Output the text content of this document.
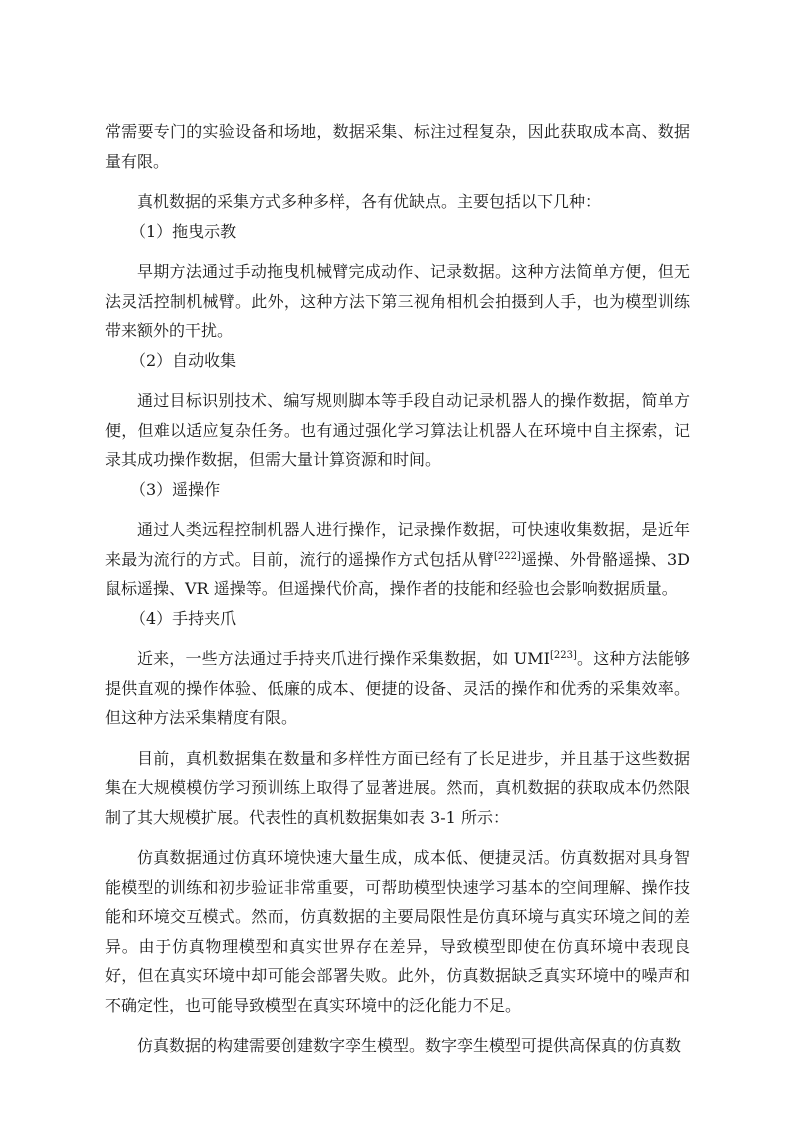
常需要专门的实验设备和场地，数据采集、标注过程复杂，因此获取成本高、数据量有限。

真机数据的采集方式多种多样，各有优缺点。主要包括以下几种：

（1）拖曳示教

早期方法通过手动拖曳机械臂完成动作、记录数据。这种方法简单方便，但无法灵活控制机械臂。此外，这种方法下第三视角相机会拍摄到人手，也为模型训练带来额外的干扰。

（2）自动收集

通过目标识别技术、编写规则脚本等手段自动记录机器人的操作数据，简单方便，但难以适应复杂任务。也有通过强化学习算法让机器人在环境中自主探索，记录其成功操作数据，但需大量计算资源和时间。

（3）遥操作

通过人类远程控制机器人进行操作，记录操作数据，可快速收集数据，是近年来最为流行的方式。目前，流行的遥操作方式包括从臂[222]遥操、外骨骼遥操、3D 鼠标遥操、VR 遥操等。但遥操代价高，操作者的技能和经验也会影响数据质量。

（4）手持夹爪

近来，一些方法通过手持夹爪进行操作采集数据，如 UMI[223]。这种方法能够提供直观的操作体验、低廉的成本、便捷的设备、灵活的操作和优秀的采集效率。但这种方法采集精度有限。

目前，真机数据集在数量和多样性方面已经有了长足进步，并且基于这些数据集在大规模模仿学习预训练上取得了显著进展。然而，真机数据的获取成本仍然限制了其大规模扩展。代表性的真机数据集如表 3-1 所示：

仿真数据通过仿真环境快速大量生成，成本低、便捷灵活。仿真数据对具身智能模型的训练和初步验证非常重要，可帮助模型快速学习基本的空间理解、操作技能和环境交互模式。然而，仿真数据的主要局限性是仿真环境与真实环境之间的差异。由于仿真物理模型和真实世界存在差异，导致模型即使在仿真环境中表现良好，但在真实环境中却可能会部署失败。此外，仿真数据缺乏真实环境中的噪声和不确定性，也可能导致模型在真实环境中的泛化能力不足。

仿真数据的构建需要创建数字孪生模型。数字孪生模型可提供高保真的仿真数
